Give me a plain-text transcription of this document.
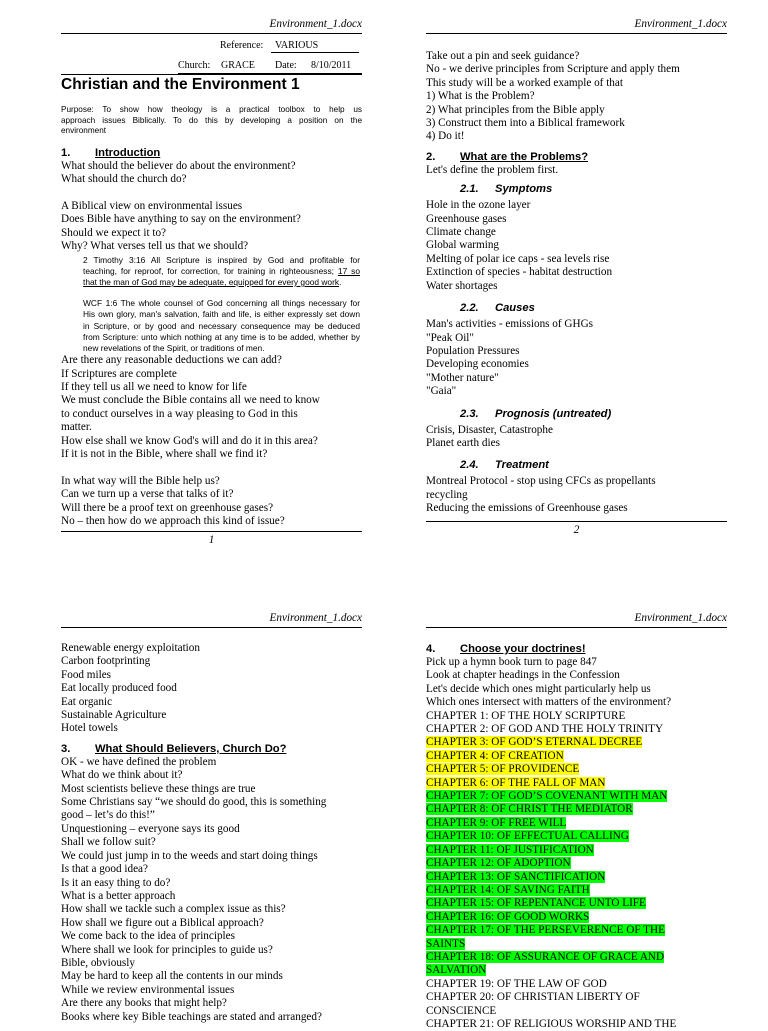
Environment_1.docx
Reference:	VARIOUS
Church: GRACE Date: 8/10/2011
Christian and the Environment 1
Purpose: To show how theology is a practical toolbox to help us
approach issues Biblically. To do this by developing a position on the
environment
1. Introduction
What should the believer do about the environment?
What should the church do?

A Biblical view on environmental issues
Does Bible have anything to say on the environment?
Should we expect it to?
Why? What verses tell us that we should?
2 Timothy 3:16 All Scripture is inspired by God and profitable for
teaching, for reproof, for correction, for training in righteousness; 17 so
that the man of God may be adequate, equipped for every good work.
WCF 1:6 The whole counsel of God concerning all things necessary for
His own glory, man's salvation, faith and life, is either expressly set down
in Scripture, or by good and necessary consequence may be deduced
from Scripture: unto which nothing at any time is to be added, whether by
new revelations of the Spirit, or traditions of men.
Are there any reasonable deductions we can add?
If Scriptures are complete
If they tell us all we need to know for life
We must conclude the Bible contains all we need to know
to conduct ourselves in a way pleasing to God in this
matter.
How else shall we know God's will and do it in this area?
If it is not in the Bible, where shall we find it?

In what way will the Bible help us?
Can we turn up a verse that talks of it?
Will there be a proof text on greenhouse gases?
No – then how do we approach this kind of issue?
1
Environment_1.docx
Take out a pin and seek guidance?
No - we derive principles from Scripture and apply them
This study will be a worked example of that
1) What is the Problem?
2) What principles from the Bible apply
3) Construct them into a Biblical framework
4) Do it!
2. What are the Problems?
Let's define the problem first.
2.1. Symptoms
Hole in the ozone layer
Greenhouse gases
Climate change
Global warming
Melting of polar ice caps - sea levels rise
Extinction of species - habitat destruction
Water shortages
2.2. Causes
Man's activities - emissions of GHGs
"Peak Oil"
Population Pressures
Developing economies
"Mother nature"
"Gaia"
2.3. Prognosis (untreated)
Crisis, Disaster, Catastrophe
Planet earth dies
2.4. Treatment
Montreal Protocol - stop using CFCs as propellants
recycling
Reducing the emissions of Greenhouse gases
2
Environment_1.docx
Renewable energy exploitation
Carbon footprinting
Food miles
Eat locally produced food
Eat organic
Sustainable Agriculture
Hotel towels
3. What Should Believers, Church Do?
OK - we have defined the problem
What do we think about it?
Most scientists believe these things are true
Some Christians say “we should do good, this is something
good – let’s do this!”
Unquestioning – everyone says its good
Shall we follow suit?
We could just jump in to the weeds and start doing things
Is that a good idea?
Is it an easy thing to do?
What is a better approach
How shall we tackle such a complex issue as this?
How shall we figure out a Biblical approach?
We come back to the idea of principles
Where shall we look for principles to guide us?
Bible, obviously
May be hard to keep all the contents in our minds
While we review environmental issues
Are there any books that might help?
Books where key Bible teachings are stated and arranged?
Environment_1.docx
4. Choose your doctrines!
Pick up a hymn book turn to page 847
Look at chapter headings in the Confession
Let's decide which ones might particularly help us
Which ones intersect with matters of the environment?
CHAPTER 1: OF THE HOLY SCRIPTURE
CHAPTER 2: OF GOD AND THE HOLY TRINITY
CHAPTER 3: OF GOD’S ETERNAL DECREE
CHAPTER 4: OF CREATION
CHAPTER 5: OF PROVIDENCE
CHAPTER 6: OF THE FALL OF MAN
CHAPTER 7: OF GOD’S COVENANT WITH MAN
CHAPTER 8: OF CHRIST THE MEDIATOR
CHAPTER 9: OF FREE WILL
CHAPTER 10: OF EFFECTUAL CALLING
CHAPTER 11: OF JUSTIFICATION
CHAPTER 12: OF ADOPTION
CHAPTER 13: OF SANCTIFICATION
CHAPTER 14: OF SAVING FAITH
CHAPTER 15: OF REPENTANCE UNTO LIFE
CHAPTER 16: OF GOOD WORKS
CHAPTER 17: OF THE PERSEVERENCE OF THE
SAINTS
CHAPTER 18: OF ASSURANCE OF GRACE AND
SALVATION
CHAPTER 19: OF THE LAW OF GOD
CHAPTER 20: OF CHRISTIAN LIBERTY OF
CONSCIENCE
CHAPTER 21: OF RELIGIOUS WORSHIP AND THE
